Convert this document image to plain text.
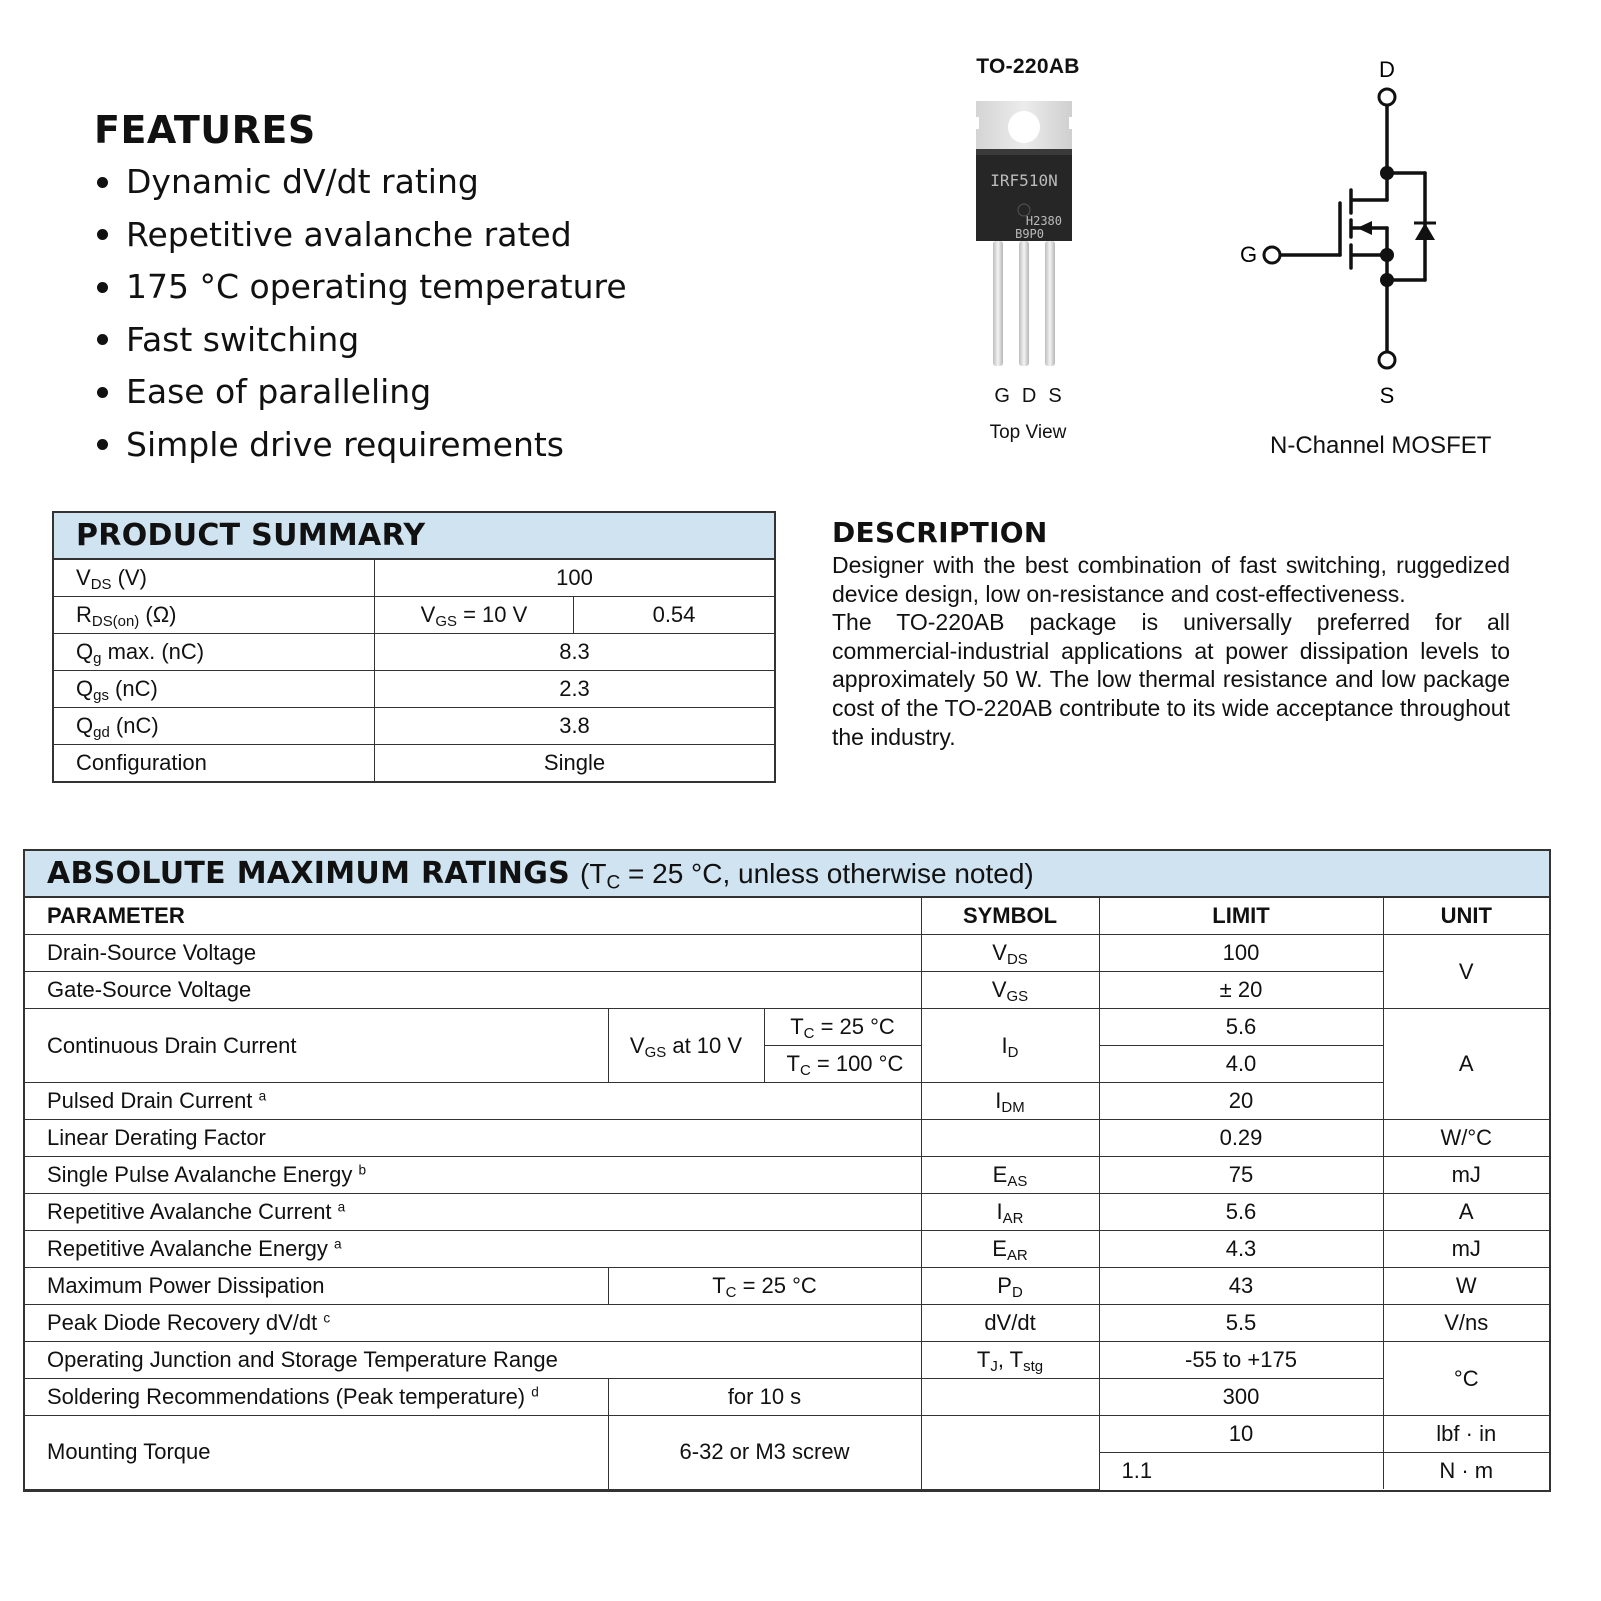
FEATURES
Dynamic dV/dt rating
Repetitive avalanche rated
175 °C operating temperature
Fast switching
Ease of paralleling
Simple drive requirements
TO-220AB
IRF510N
H2380
B9P0
GDS
Top View
D
G
S
N-Channel MOSFET
PRODUCT SUMMARY
$V_{DS}$ (V)	100	
$R_{DS(on)}$ (Ω)	$V_{GS} = 10$ V	0.54
$Q_g$ max. (nC)	8.3	
$Q_{gs}$ (nC)	2.3	
$Q_{gd}$ (nC)	3.8	
Configuration	Single	
DESCRIPTION

Designer with the best combination of fast switching, ruggedized device design, low on-resistance and cost-effectiveness.

The TO-220AB package is universally preferred for all commercial-industrial applications at power dissipation levels to approximately 50 W. The low thermal resistance and low package cost of the TO-220AB contribute to its wide acceptance throughout the industry.

ABSOLUTE MAXIMUM RATINGS ($T_C = 25$ °C, unless otherwise noted)
PARAMETER			SYMBOL	LIMIT	UNIT
Drain-Source Voltage			$V_{DS}$	100	V
Gate-Source Voltage			$V_{GS}$	± 20	
Continuous Drain Current	$V_{GS}$ at 10 V	$T_C = 25$ °C	$I_D$	5.6	A
		$T_C = 100$ °C		4.0	
Pulsed Drain Current $^a$			$I_{DM}$	20	
Linear Derating Factor				0.29	W/°C
Single Pulse Avalanche Energy $^b$			$E_{AS}$	75	mJ
Repetitive Avalanche Current $^a$			$I_{AR}$	5.6	A
Repetitive Avalanche Energy $^a$			$E_{AR}$	4.3	mJ
Maximum Power Dissipation	$T_C = 25$ °C		$P_D$	43	W
Peak Diode Recovery dV/dt $^c$			dV/dt	5.5	V/ns
Operating Junction and Storage Temperature Range			$T_J$, $T_{stg}$	-55 to +175	°C
Soldering Recommendations (Peak temperature) $^d$	for 10 s			300	
Mounting Torque	6-32 or M3 screw			10	lbf · in
				1.1	N · m
